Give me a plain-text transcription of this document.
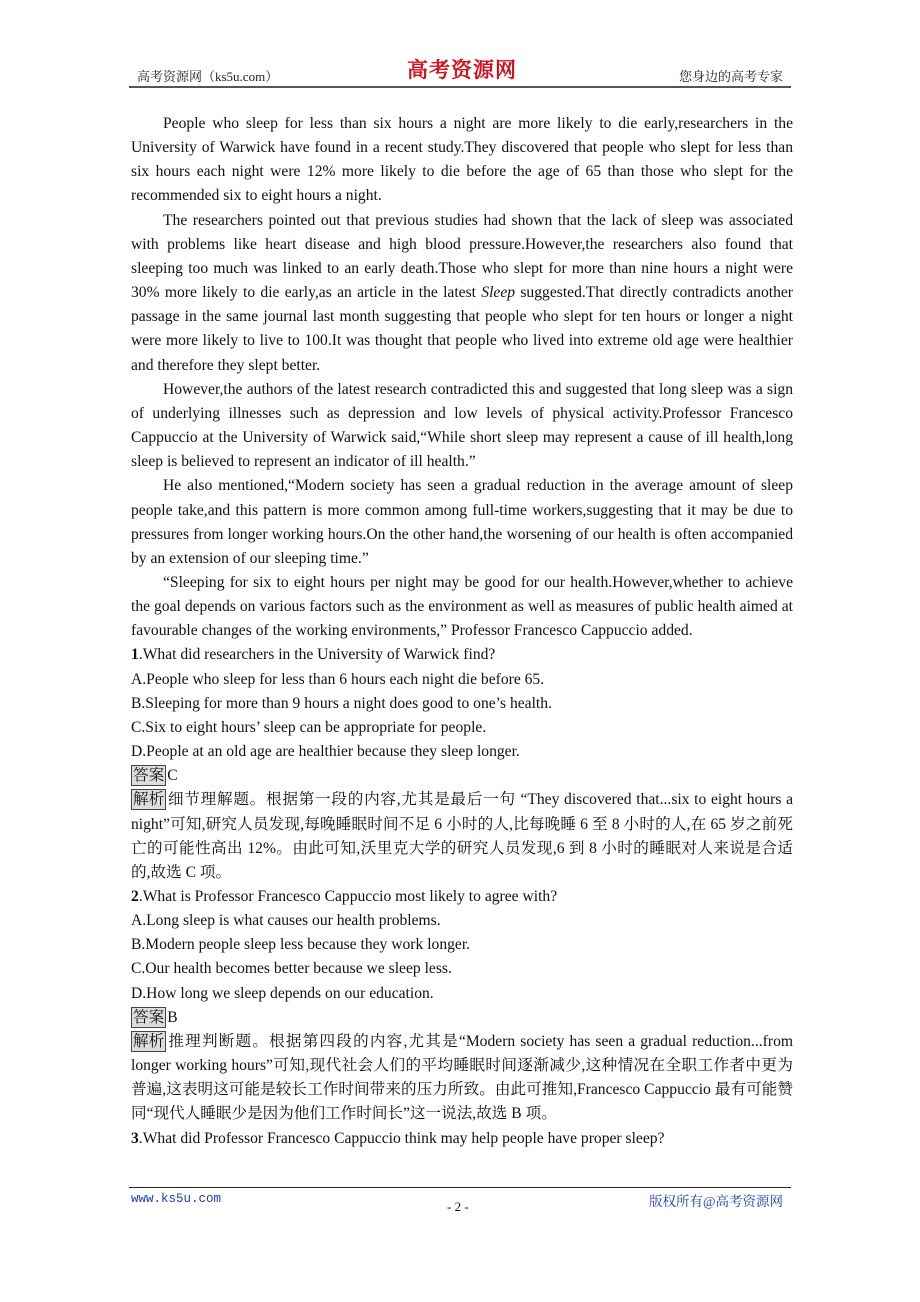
高考资源网（ks5u.com）	高考资源网	您身边的高考专家

People who sleep for less than six hours a night are more likely to die early,researchers in the University of Warwick have found in a recent study.They discovered that people who slept for less than six hours each night were 12% more likely to die before the age of 65 than those who slept for the recommended six to eight hours a night.

The researchers pointed out that previous studies had shown that the lack of sleep was associated with problems like heart disease and high blood pressure.However,the researchers also found that sleeping too much was linked to an early death.Those who slept for more than nine hours a night were 30% more likely to die early,as an article in the latest Sleep suggested.That directly contradicts another passage in the same journal last month suggesting that people who slept for ten hours or longer a night were more likely to live to 100.It was thought that people who lived into extreme old age were healthier and therefore they slept better.

However,the authors of the latest research contradicted this and suggested that long sleep was a sign of underlying illnesses such as depression and low levels of physical activity.Professor Francesco Cappuccio at the University of Warwick said,“While short sleep may represent a cause of ill health,long sleep is believed to represent an indicator of ill health.”

He also mentioned,“Modern society has seen a gradual reduction in the average amount of sleep people take,and this pattern is more common among full-time workers,suggesting that it may be due to pressures from longer working hours.On the other hand,the worsening of our health is often accompanied by an extension of our sleeping time.”

“Sleeping for six to eight hours per night may be good for our health.However,whether to achieve the goal depends on various factors such as the environment as well as measures of public health aimed at favourable changes of the working environments,” Professor Francesco Cappuccio added.

1.What did researchers in the University of Warwick find?

A.People who sleep for less than 6 hours each night die before 65.

B.Sleeping for more than 9 hours a night does good to one’s health.

C.Six to eight hours’ sleep can be appropriate for people.

D.People at an old age are healthier because they sleep longer.

答案 C

解析 细节理解题。根据第一段的内容,尤其是最后一句 “They discovered that...six to eight hours a night”可知,研究人员发现,每晚睡眠时间不足 6 小时的人,比每晚睡 6 至 8 小时的人,在 65 岁之前死亡的可能性高出 12%。由此可知,沃里克大学的研究人员发现,6 到 8 小时的睡眠对人来说是合适的,故选 C 项。

2.What is Professor Francesco Cappuccio most likely to agree with?

A.Long sleep is what causes our health problems.

B.Modern people sleep less because they work longer.

C.Our health becomes better because we sleep less.

D.How long we sleep depends on our education.

答案 B

解析 推理判断题。根据第四段的内容,尤其是“Modern society has seen a gradual reduction...from longer working hours”可知,现代社会人们的平均睡眠时间逐渐减少,这种情况在全职工作者中更为普遍,这表明这可能是较长工作时间带来的压力所致。由此可推知,Francesco Cappuccio 最有可能赞同“现代人睡眠少是因为他们工作时间长”这一说法,故选 B 项。

3.What did Professor Francesco Cappuccio think may help people have proper sleep?

www.ks5u.com	- 2 -	版权所有@高考资源网
